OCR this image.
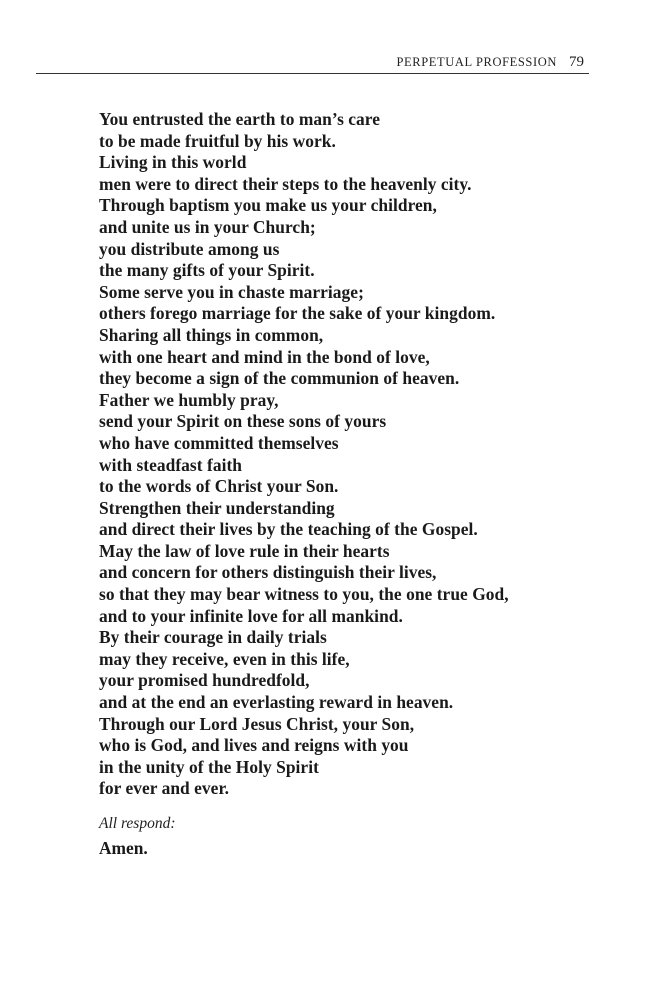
PERPETUAL PROFESSION 79
You entrusted the earth to man’s care
to be made fruitful by his work.
Living in this world
men were to direct their steps to the heavenly city.
Through baptism you make us your children,
and unite us in your Church;
you distribute among us
the many gifts of your Spirit.
Some serve you in chaste marriage;
others forego marriage for the sake of your kingdom.
Sharing all things in common,
with one heart and mind in the bond of love,
they become a sign of the communion of heaven.
Father we humbly pray,
send your Spirit on these sons of yours
who have committed themselves
with steadfast faith
to the words of Christ your Son.
Strengthen their understanding
and direct their lives by the teaching of the Gospel.
May the law of love rule in their hearts
and concern for others distinguish their lives,
so that they may bear witness to you, the one true God,
and to your infinite love for all mankind.
By their courage in daily trials
may they receive, even in this life,
your promised hundredfold,
and at the end an everlasting reward in heaven.
Through our Lord Jesus Christ, your Son,
who is God, and lives and reigns with you
in the unity of the Holy Spirit
for ever and ever.
All respond:
Amen.
